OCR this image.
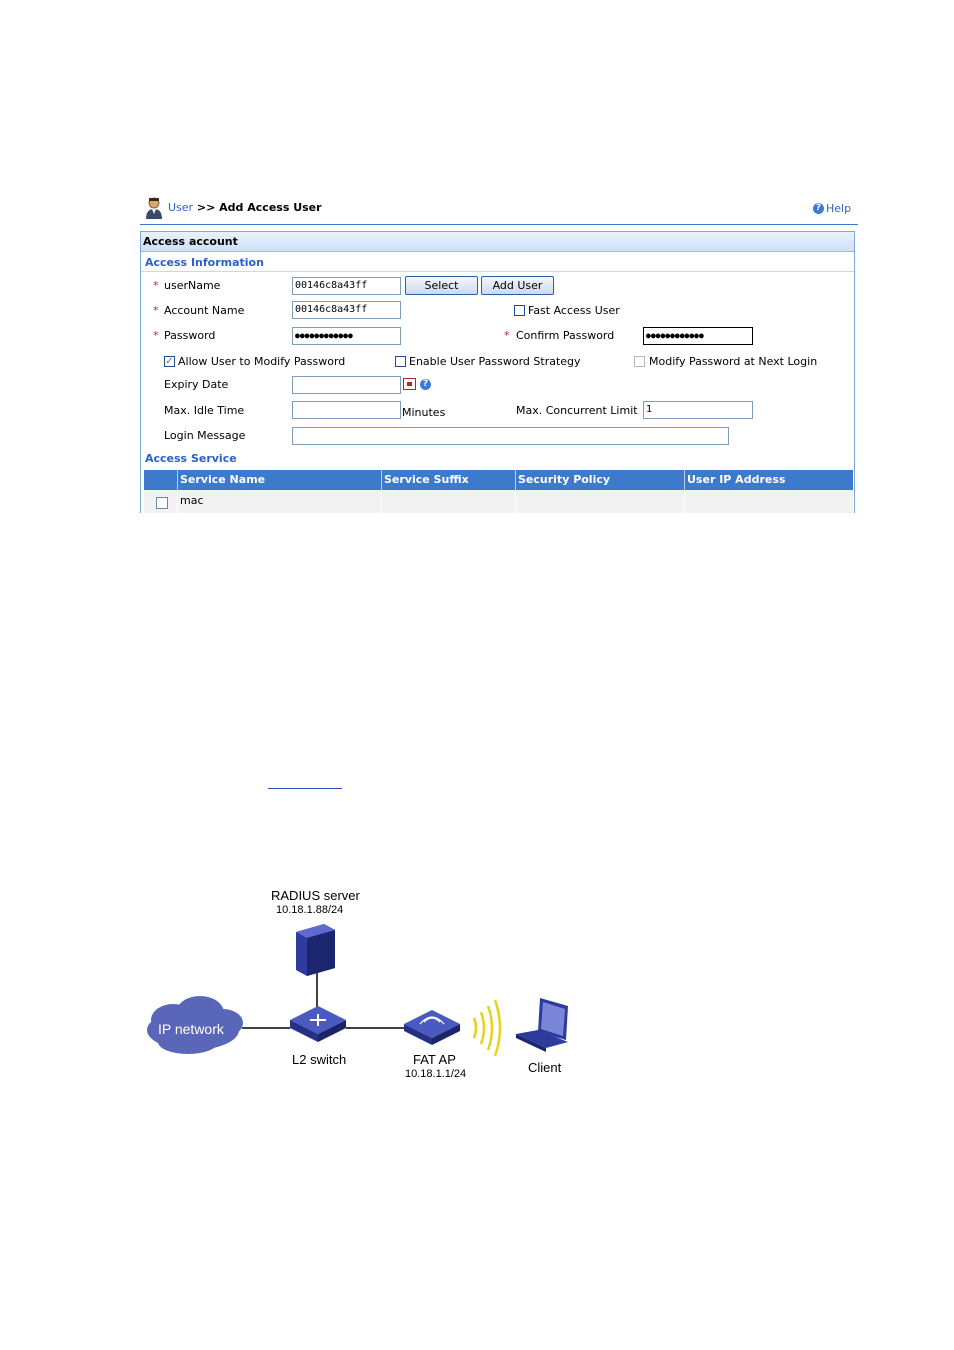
User >> Add Access User	? Help
Access account
Access Information
* userName	00146c8a43ff	Select	Add User
* Account Name	00146c8a43ff	Fast Access User
* Password	●●●●●●●●●●●●	* Confirm Password	●●●●●●●●●●●●
✓ Allow User to Modify Password	Enable User Password Strategy	Modify Password at Next Login
Expiry Date	?
Max. Idle Time	Minutes	Max. Concurrent Limit 1
Login Message
Access Service
Service Name	Service Suffix	Security Policy	User IP Address
mac
RADIUS server
10.18.1.88/24
IP network
L2 switch	FAT AP
10.18.1.1/24	Client
